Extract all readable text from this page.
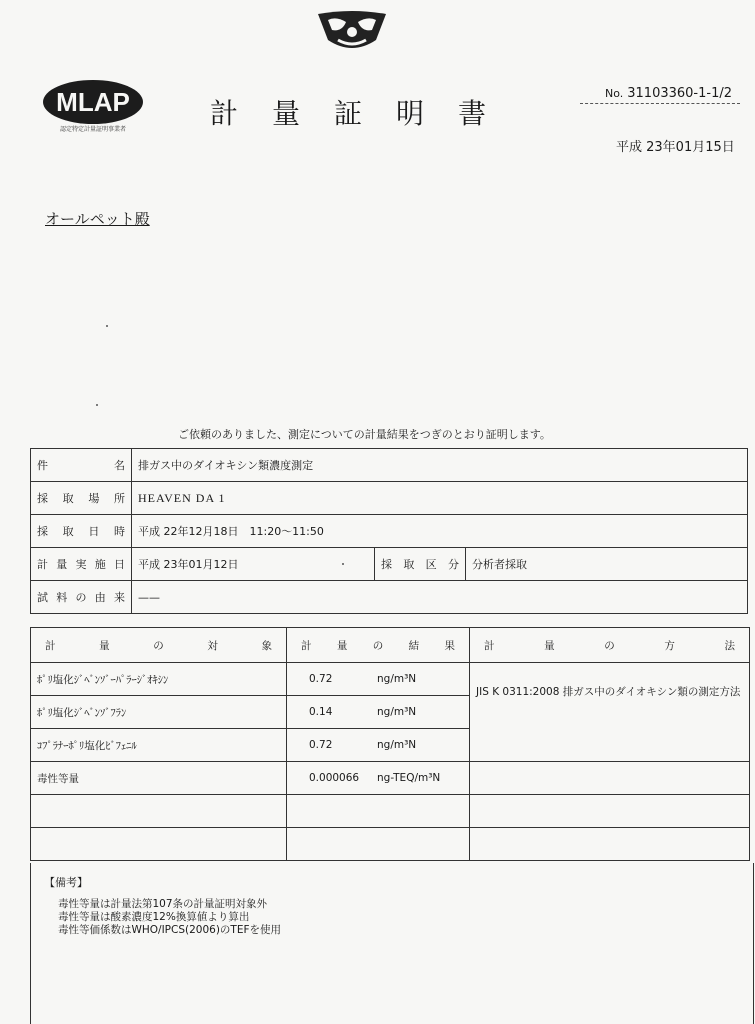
MLAP
認定特定計量証明事業者	計量証明書
No. 31103360-1-1/2
平成 23年01月15日
オールペット殿
ご依頼のありました、測定についての計量結果をつぎのとおり証明します。
件 名	排ガス中のダイオキシン類濃度測定		

採 取 場 所	HEAVEN DA 1		

採 取 日 時	平成 22年12月18日　11:20～11:50		

計 量 実 施 日	平成 23年01月12日	採 取 区 分	分析者採取

試 料 の 由 来	——		
計 量 の 対 象	計 量 の 結 果	計 量 の 方 法

ﾎﾟﾘ塩化ｼﾞﾍﾞﾝｿﾞｰﾊﾟﾗｰｼﾞｵｷｼﾝ	0.72 ng/m³N	JIS K 0311:2008 排ガス中のダイオキシン類の測定方法
ﾎﾟﾘ塩化ｼﾞﾍﾞﾝｿﾞﾌﾗﾝ	0.14 ng/m³N	

ｺﾌﾟﾗﾅｰﾎﾟﾘ塩化ﾋﾞﾌｪﾆﾙ	0.72 ng/m³N	

毒性等量	0.000066 ng-TEQ/m³N	

【備考】
毒性等量は計量法第107条の計量証明対象外
毒性等量は酸素濃度12%換算値より算出
毒性等価係数はWHO/IPCS(2006)のTEFを使用
